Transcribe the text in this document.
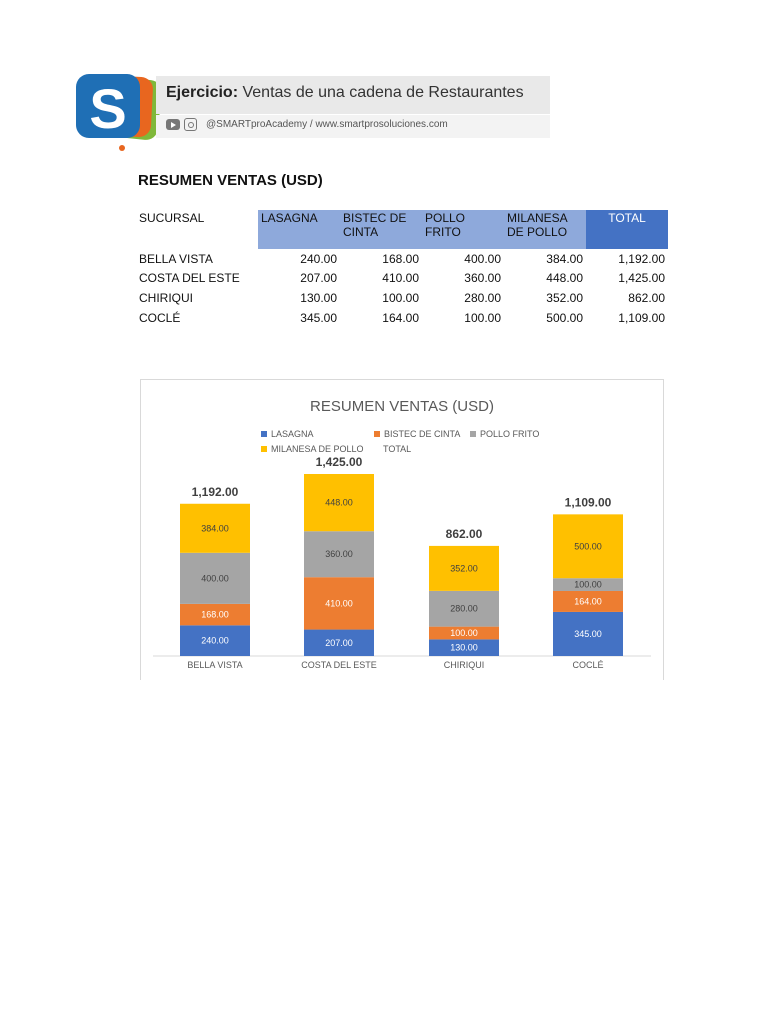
S Ejercicio: Ventas de una cadena de Restaurantes
@SMARTproAcademy / www.smartprosoluciones.com
RESUMEN VENTAS (USD)
SUCURSAL	LASAGNA	BISTEC DE CINTA	POLLO FRITO	MILANESA DE POLLO	TOTAL
BELLA VISTA	240.00	168.00	400.00	384.00	1,192.00
COSTA DEL ESTE	207.00	410.00	360.00	448.00	1,425.00
CHIRIQUI	130.00	100.00	280.00	352.00	862.00
COCLÉ	345.00	164.00	100.00	500.00	1,109.00
RESUMEN VENTAS (USD)
LASAGNA	BISTEC DE CINTA POLLO FRITO
MILANESA DE POLLO TOTAL
240.00
168.00
400.00
384.00
1,192.00
BELLA VISTA
207.00
410.00
360.00
448.00
1,425.00
COSTA DEL ESTE
130.00
100.00
280.00
352.00
862.00
CHIRIQUI
345.00
164.00
100.00
500.00
1,109.00
COCLÉ
